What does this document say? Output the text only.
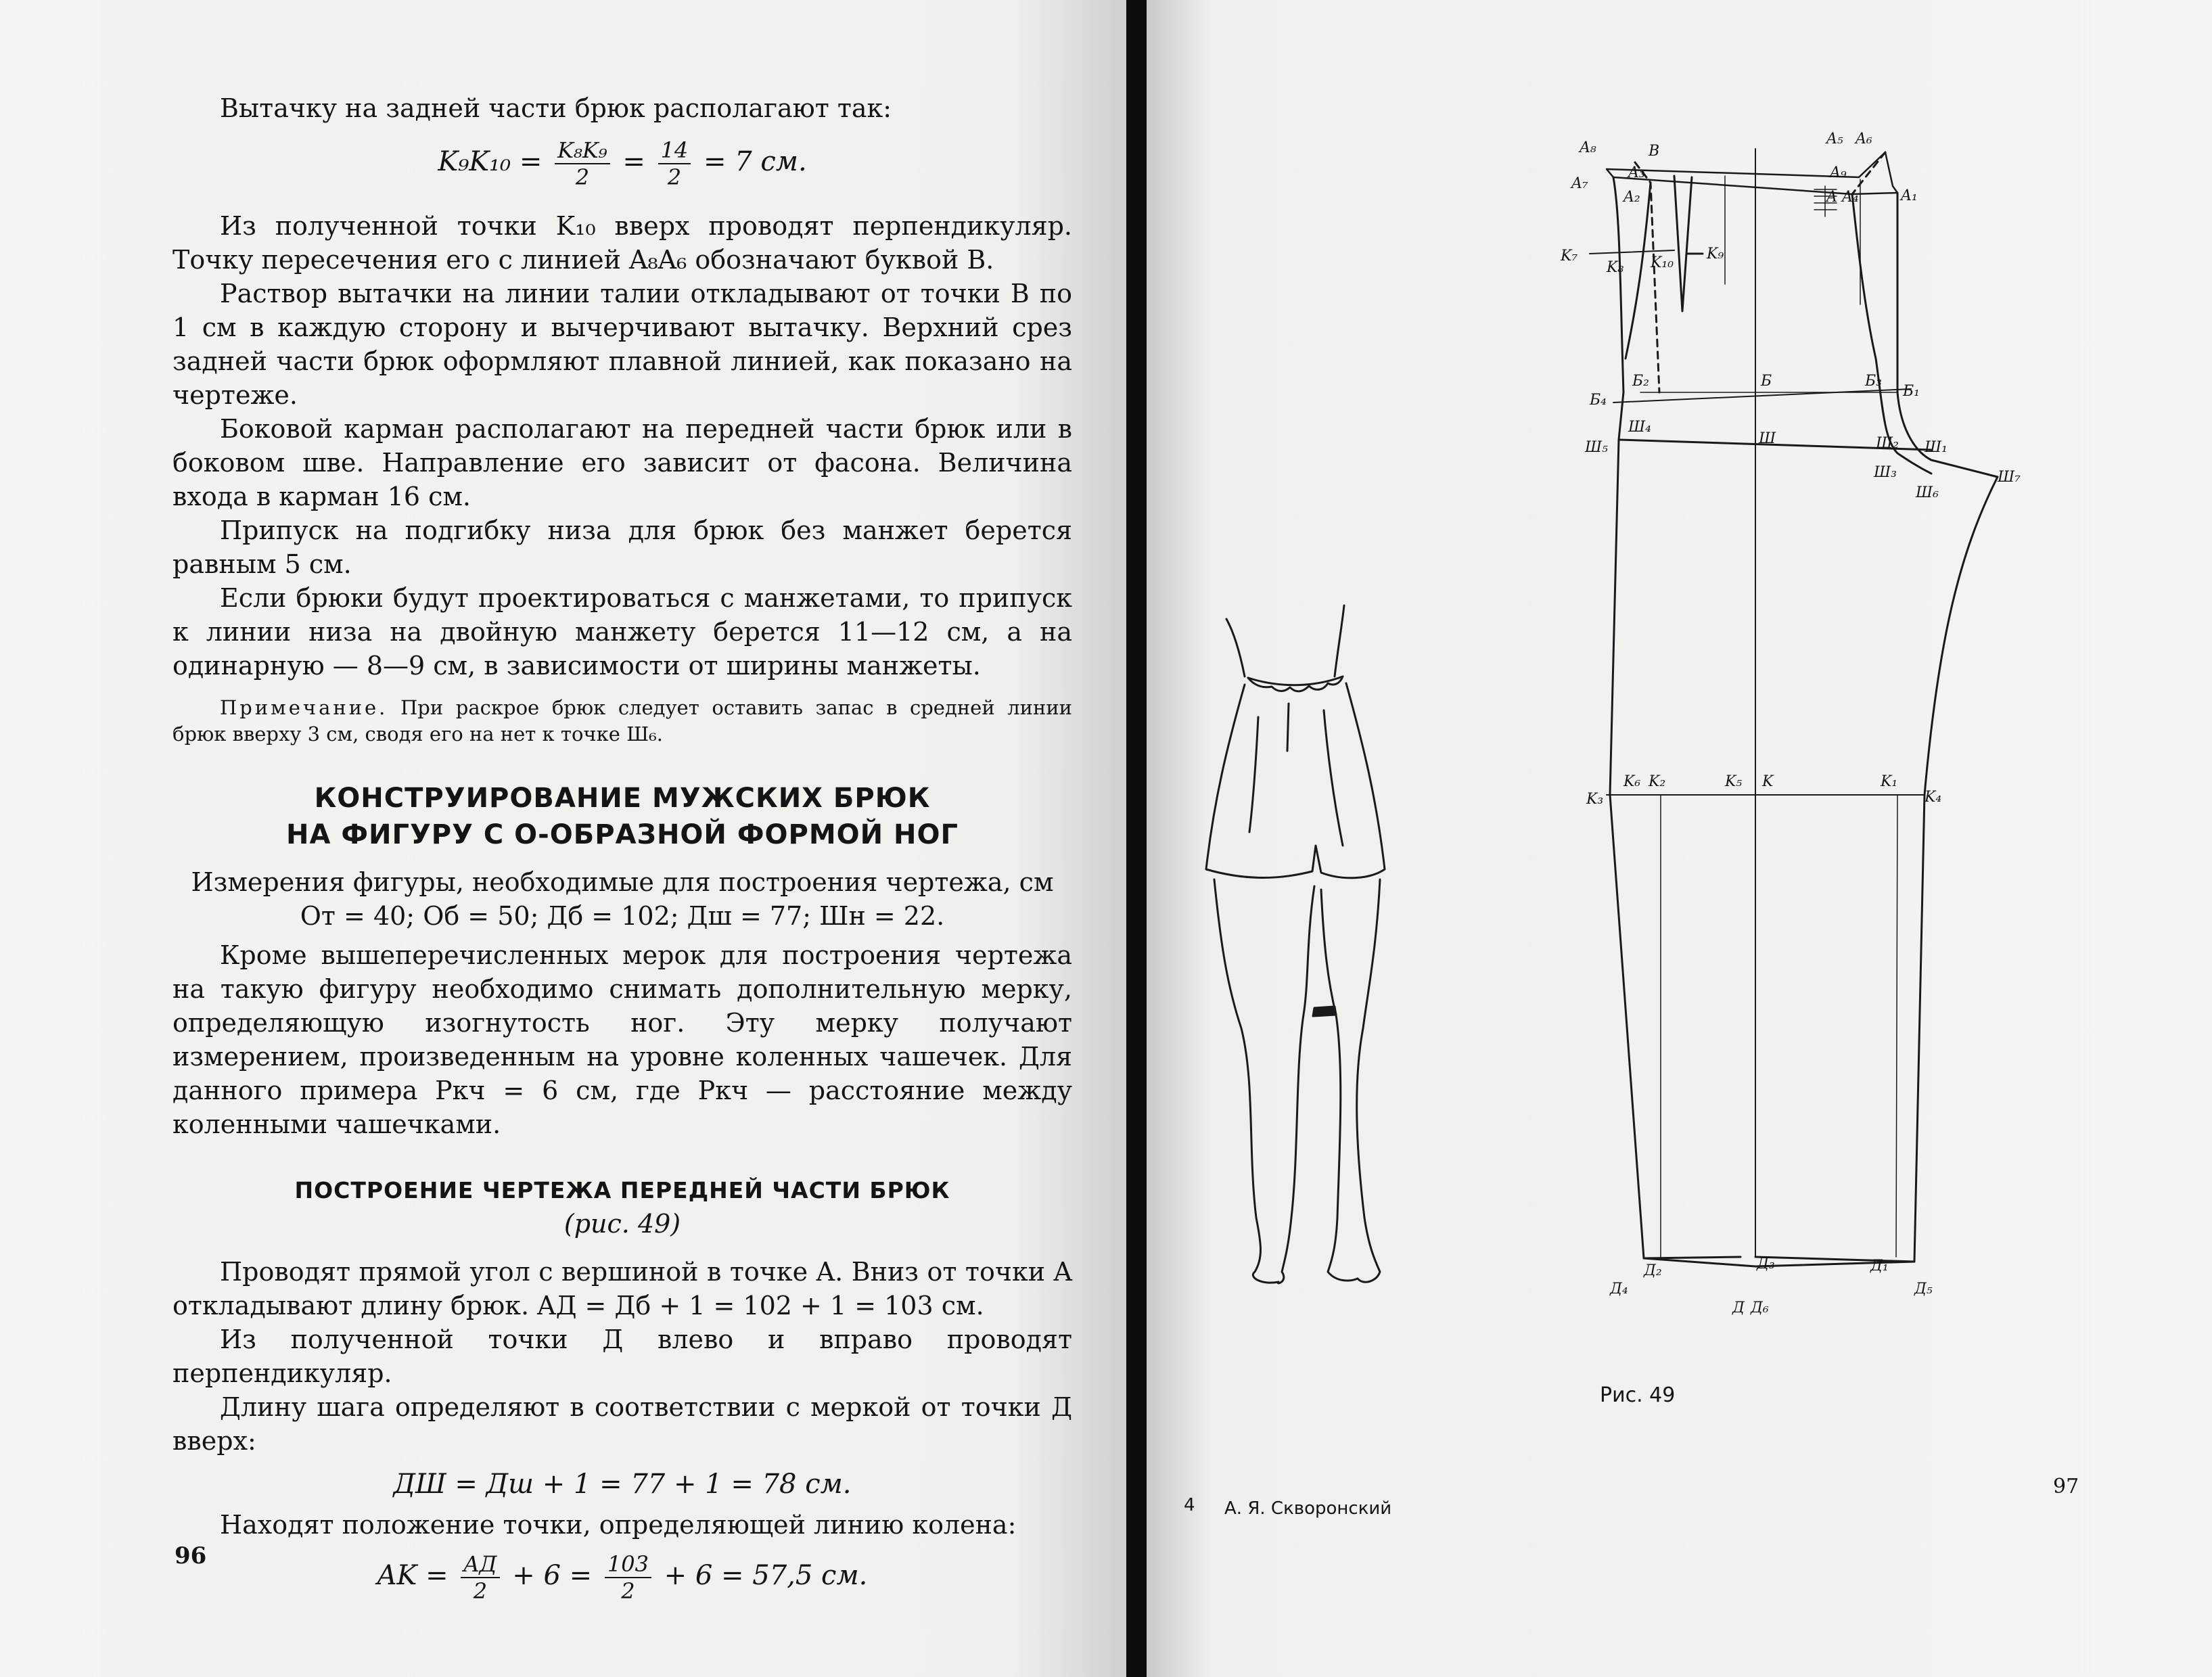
Вытачку на задней части брюк располагают так:

$K_9K_{10} = \frac{\text{K₈K₉}}{2} = \frac{14}{2} = 7$ см.

Из полученной точки K₁₀ вверх проводят перпендикуляр. Точку пересечения его с линией A₈A₆ обозначают буквой B.

Раствор вытачки на линии талии откладывают от точки B по 1 см в каждую сторону и вычерчивают вытачку. Верхний срез задней части брюк оформляют плавной линией, как показано на чертеже.

Боковой карман располагают на передней части брюк или в боковом шве. Направление его зависит от фасона. Величина входа в карман 16 см.

Припуск на подгибку низа для брюк без манжет берется равным 5 см.

Если брюки будут проектироваться с манжетами, то припуск к линии низа на двойную манжету берется 11—12 см, а на одинарную — 8—9 см, в зависимости от ширины манжеты.

Примечание. При раскрое брюк следует оставить запас в средней линии брюк вверху 3 см, сводя его на нет к точке Ш₆.

КОНСТРУИРОВАНИЕ МУЖСКИХ БРЮК

НА ФИГУРУ С О-ОБРАЗНОЙ ФОРМОЙ НОГ

Измерения фигуры, необходимые для построения чертежа, см

Oт = 40; Oб = 50; Дб = 102; Дш = 77; Шн = 22.

Кроме вышеперечисленных мерок для построения чертежа на такую фигуру необходимо снимать дополнительную мерку, определяющую изогнутость ног. Эту мерку получают измерением, произведенным на уровне коленных чашечек. Для данного примера Ркч = 6 см, где Ркч — расстояние между коленными чашечками.

ПОСТРОЕНИЕ ЧЕРТЕЖА ПЕРЕДНЕЙ ЧАСТИ БРЮК

(рис. 49)

Проводят прямой угол с вершиной в точке A. Вниз от точки A откладывают длину брюк. AД = Дб + 1 = 102 + 1 = 103 см.

Из полученной точки Д влево и вправо проводят перпендикуляр.

Длину шага определяют в соответствии с меркой от точки Д вверх:

ДШ = Дш + 1 = 77 + 1 = 78 см.

Находят положение точки, определяющей линию колена:

AK = $\frac{AД}{2} + 6 = \frac{103}{2} + 6 = 57,5$ см.
96
A₈	B
A₅ A₆
A₇
A₃	A₉
A₁
A₂	A A₄
K₇
K₈ K₁₀
K₉
Б₂	Б	Б₃
Б₁
Б₄
Ш₄
Ш	Ш₂ Ш₁
Ш₅
Ш₃
Ш₆
Ш₇
K₆ K₂	K₅ K	K₁
K₃	K₄
Д₂	Д₃	Д₁
Д₄	Д₅
Д Д₆
Рис. 49
4 А. Я. Скворонский
97
